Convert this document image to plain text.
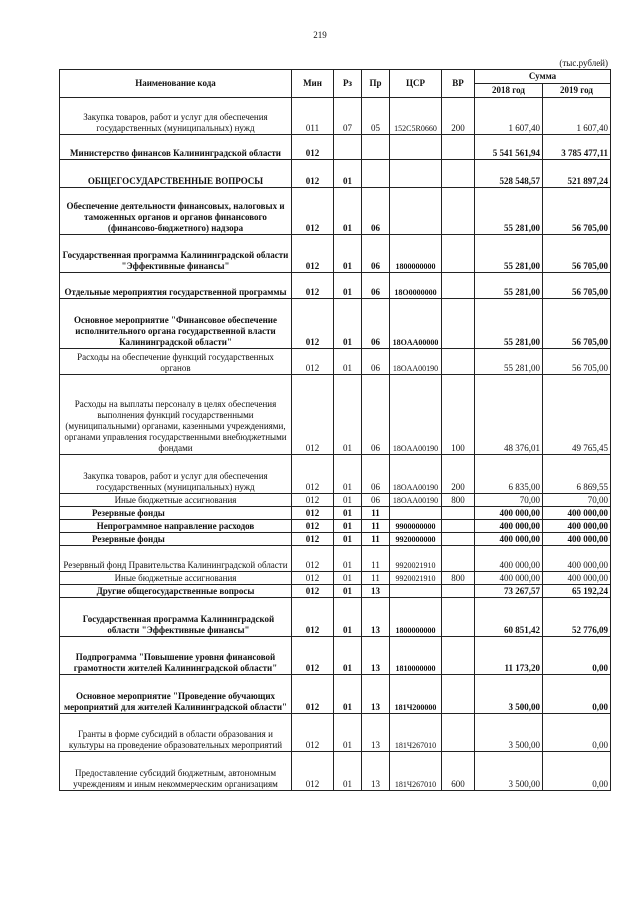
219
(тыс.рублей)
Наименование кода	Мин	Рз	Пр	ЦСР	ВР	Сумма	
						2018 год	2019 год
Закупка товаров, работ и услуг для обеспечения государственных (муниципальных) нужд	011	07	05	152C5R0660	200	1 607,40	1 607,40
Министерство финансов Калининградской области	012					5 541 561,94	3 785 477,11
ОБЩЕГОСУДАРСТВЕННЫЕ ВОПРОСЫ	012	01				528 548,57	521 897,24
Обеспечение деятельности финансовых, налоговых и таможенных органов и органов финансового (финансово-бюджетного) надзора	012	01	06			55 281,00	56 705,00
Государственная программа Калининградской области "Эффективные финансы"	012	01	06	1800000000		55 281,00	56 705,00
Отдельные мероприятия государственной программы	012	01	06	18O0000000		55 281,00	56 705,00
Основное мероприятие "Финансовое обеспечение исполнительного органа государственной власти Калининградской области"	012	01	06	18OAA00000		55 281,00	56 705,00
Расходы на обеспечение функций государственных органов	012	01	06	18OAA00190		55 281,00	56 705,00
Расходы на выплаты персоналу в целях обеспечения выполнения функций государственными (муниципальными) органами, казенными учреждениями, органами управления государственными внебюджетными фондами	012	01	06	18OAA00190	100	48 376,01	49 765,45
Закупка товаров, работ и услуг для обеспечения государственных (муниципальных) нужд	012	01	06	18OAA00190	200	6 835,00	6 869,55
Иные бюджетные ассигнования	012	01	06	18OAA00190	800	70,00	70,00
Резервные фонды	012	01	11			400 000,00	400 000,00
Непрограммное направление расходов	012	01	11	9900000000		400 000,00	400 000,00
Резервные фонды	012	01	11	9920000000		400 000,00	400 000,00
Резервный фонд Правительства Калининградской области	012	01	11	9920021910		400 000,00	400 000,00
Иные бюджетные ассигнования	012	01	11	9920021910	800	400 000,00	400 000,00
Другие общегосударственные вопросы	012	01	13			73 267,57	65 192,24
Государственная программа Калининградской области "Эффективные финансы"	012	01	13	1800000000		60 851,42	52 776,09
Подпрограмма "Повышение уровня финансовой грамотности жителей Калининградской области"	012	01	13	1810000000		11 173,20	0,00
Основное мероприятие "Проведение обучающих мероприятий для жителей Калининградской области"	012	01	13	181Ч200000		3 500,00	0,00
Гранты в форме субсидий в области образования и культуры на проведение образовательных мероприятий	012	01	13	181Ч267010		3 500,00	0,00
Предоставление субсидий бюджетным, автономным учреждениям и иным некоммерческим организациям	012	01	13	181Ч267010	600	3 500,00	0,00
